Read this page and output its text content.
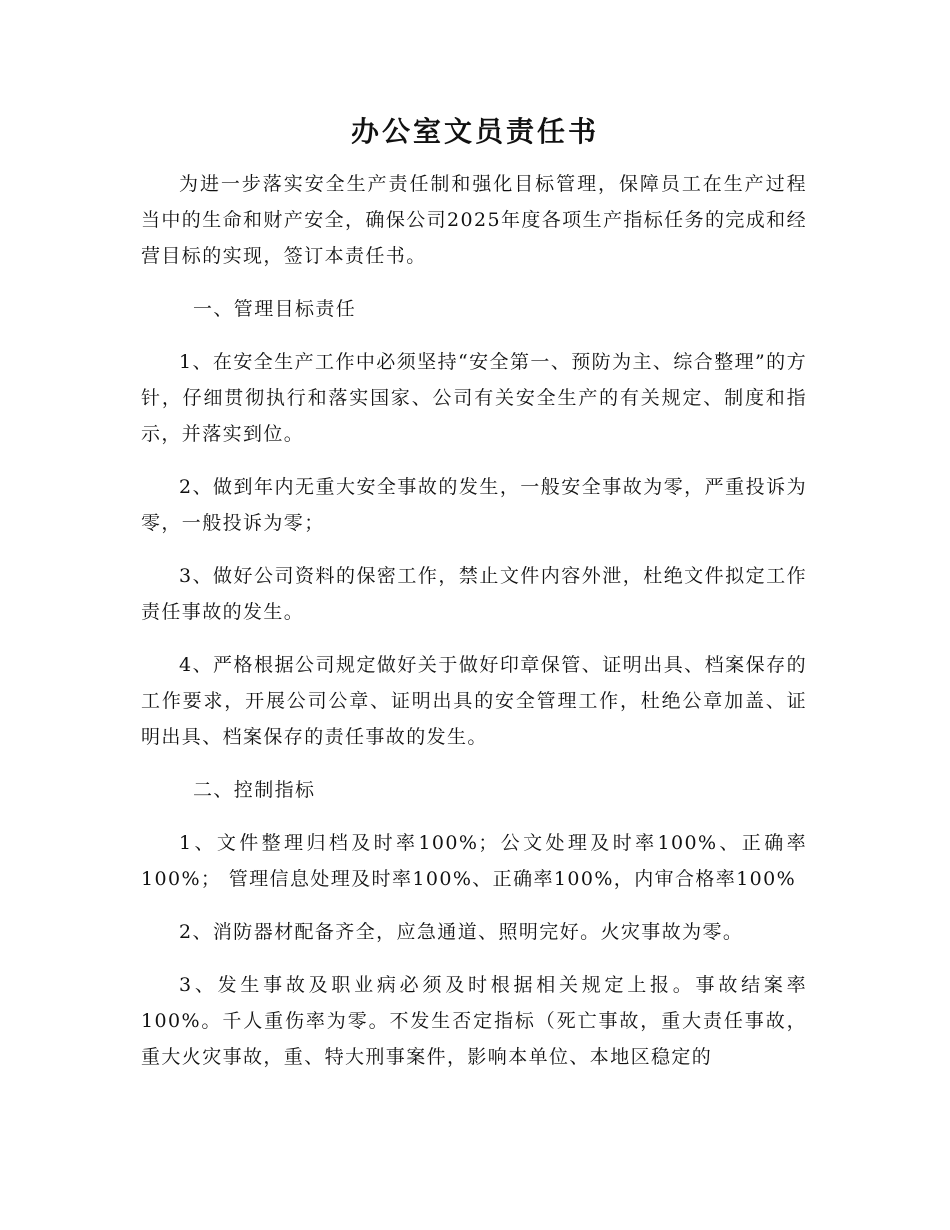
办公室文员责任书

为进一步落实安全生产责任制和强化目标管理，保障员工在生产过程当中的生命和财产安全，确保公司2025年度各项生产指标任务的完成和经营目标的实现，签订本责任书。

一、管理目标责任

1、在安全生产工作中必须坚持“安全第一、预防为主、综合整理”的方针，仔细贯彻执行和落实国家、公司有关安全生产的有关规定、制度和指示，并落实到位。

2、做到年内无重大安全事故的发生，一般安全事故为零，严重投诉为零，一般投诉为零；

3、做好公司资料的保密工作，禁止文件内容外泄，杜绝文件拟定工作责任事故的发生。

4、严格根据公司规定做好关于做好印章保管、证明出具、档案保存的工作要求，开展公司公章、证明出具的安全管理工作，杜绝公章加盖、证明出具、档案保存的责任事故的发生。

二、控制指标

1、文件整理归档及时率100%；公文处理及时率100%、正确率100%； 管理信息处理及时率100%、正确率100%，内审合格率100%

2、消防器材配备齐全，应急通道、照明完好。火灾事故为零。

3、发生事故及职业病必须及时根据相关规定上报。事故结案率100%。千人重伤率为零。不发生否定指标（死亡事故，重大责任事故，重大火灾事故，重、特大刑事案件，影响本单位、本地区稳定的
